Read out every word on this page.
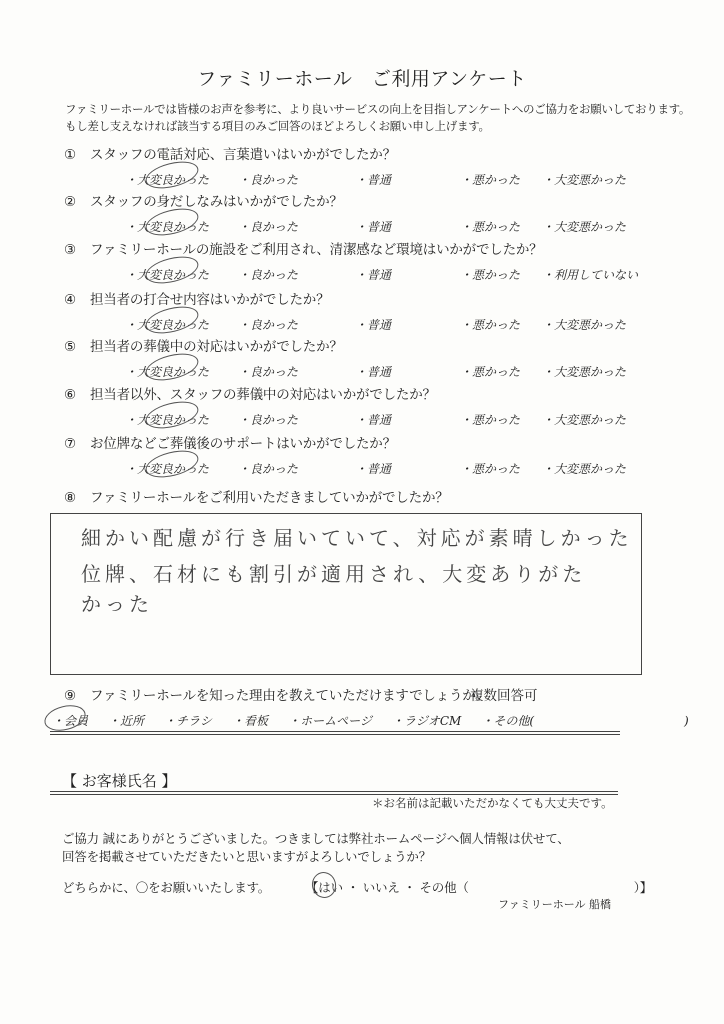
ファミリーホール　ご利用アンケート
ファミリーホールでは皆様のお声を参考に、より良いサービスの向上を目指しアンケートへのご協力をお願いしております。
もし差し支えなければ該当する項目のみご回答のほどよろしくお願い申し上げます。
① スタッフの電話対応、言葉遣いはいかがでしたか？
・大変良かった ・良かった	・普通	・悪かった ・大変悪かった
② スタッフの身だしなみはいかがでしたか？
・大変良かった ・良かった	・普通	・悪かった ・大変悪かった
③ ファミリーホールの施設をご利用され、清潔感など環境はいかがでしたか？
・大変良かった ・良かった	・普通	・悪かった ・利用していない
④ 担当者の打合せ内容はいかがでしたか？
・大変良かった ・良かった	・普通	・悪かった ・大変悪かった
⑤ 担当者の葬儀中の対応はいかがでしたか？
・大変良かった ・良かった	・普通	・悪かった ・大変悪かった
⑥ 担当者以外、スタッフの葬儀中の対応はいかがでしたか？
・大変良かった ・良かった	・普通	・悪かった ・大変悪かった
⑦ お位牌などご葬儀後のサポートはいかがでしたか？
・大変良かった ・良かった	・普通	・悪かった ・大変悪かった
⑧ ファミリーホールをご利用いただきましていかがでしたか？
細かい配慮が行き届いていて、対応が素晴しかった
位牌、石材にも割引が適用され、大変ありがた
かった
⑨ ファミリーホールを知った理由を教えていただけますでしょうか。
複数回答可
・会員 ・近所 ・チラシ ・看板 ・ホームページ ・ラジオCM ・その他(	)
【 お客様氏名 】
＊お名前は記載いただかなくても大丈夫です。
ご協力 誠にありがとうございました。つきましては弊社ホームページへ個人情報は伏せて、
回答を掲載させていただきたいと思いますがよろしいでしょうか？
どちらかに、〇をお願いいたします。	【はい ・ いいえ ・ その他（	）】
ファミリーホール 船橋
